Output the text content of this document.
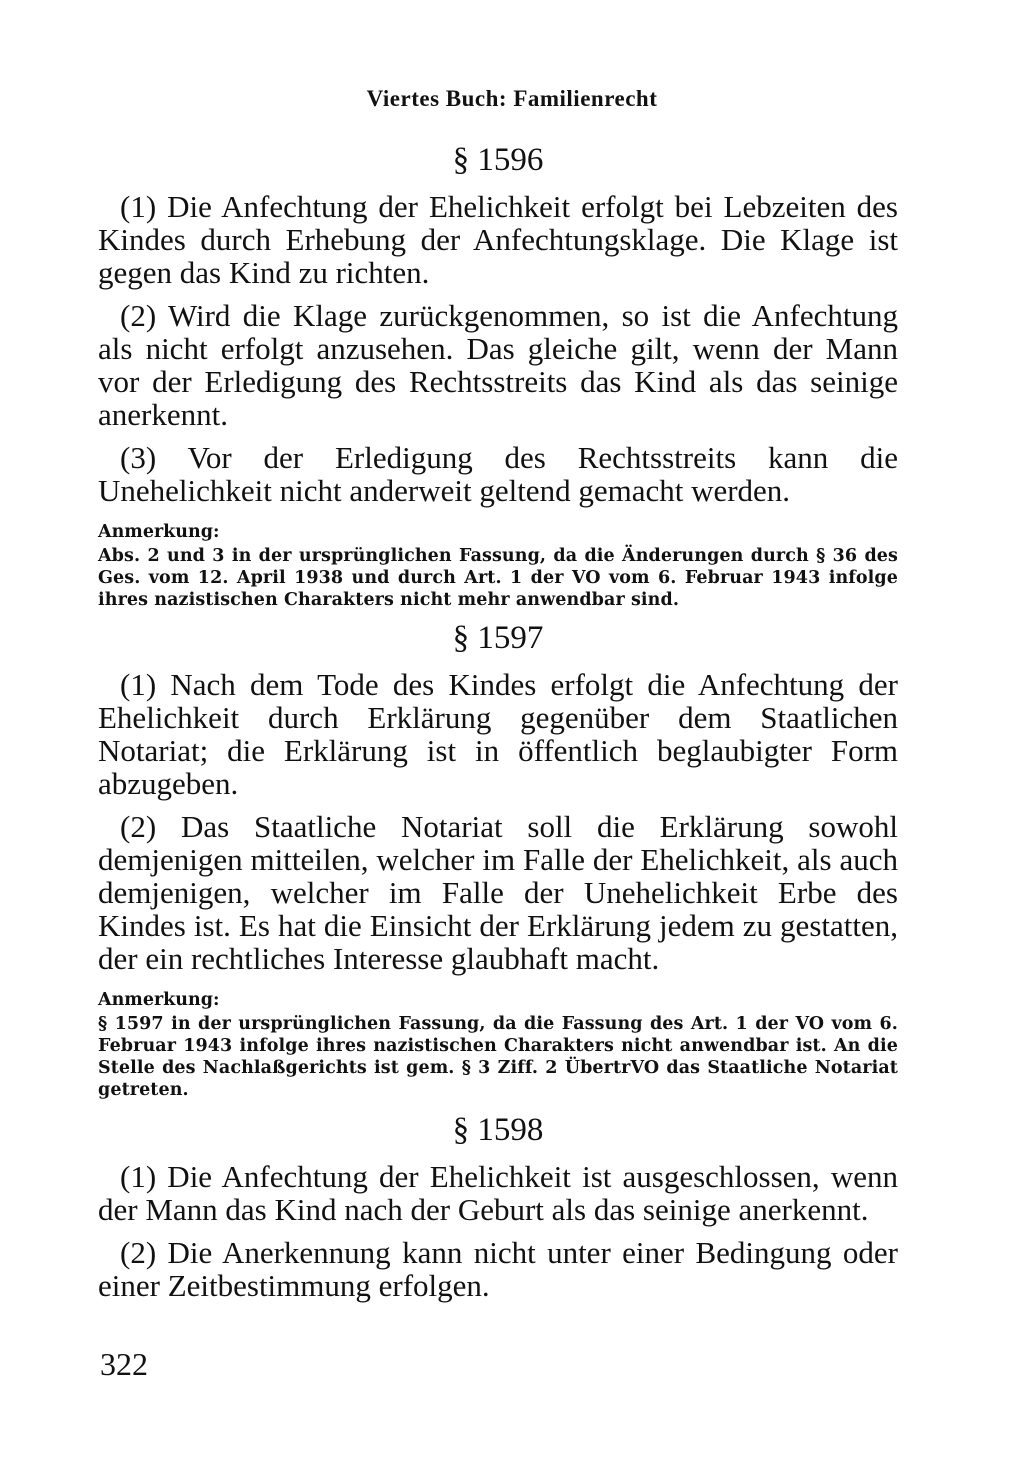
Viertes Buch: Familienrecht
§ 1596

(1) Die Anfechtung der Ehelichkeit erfolgt bei Lebzeiten des Kindes durch Erhebung der Anfechtungsklage. Die Klage ist gegen das Kind zu richten.

(2) Wird die Klage zurückgenommen, so ist die Anfechtung als nicht erfolgt anzusehen. Das gleiche gilt, wenn der Mann vor der Erledigung des Rechtsstreits das Kind als das seinige anerkennt.

(3) Vor der Erledigung des Rechtsstreits kann die Unehelichkeit nicht anderweit geltend gemacht werden.

Anmerkung:
Abs. 2 und 3 in der ursprünglichen Fassung, da die Änderungen durch § 36 des Ges. vom 12. April 1938 und durch Art. 1 der VO vom 6. Februar 1943 infolge ihres nazistischen Charakters nicht mehr anwendbar sind.
§ 1597

(1) Nach dem Tode des Kindes erfolgt die Anfechtung der Ehelichkeit durch Erklärung gegenüber dem Staatlichen Notariat; die Erklärung ist in öffentlich beglaubigter Form abzugeben.

(2) Das Staatliche Notariat soll die Erklärung sowohl demjenigen mitteilen, welcher im Falle der Ehelichkeit, als auch demjenigen, welcher im Falle der Unehelichkeit Erbe des Kindes ist. Es hat die Einsicht der Erklärung jedem zu gestatten, der ein rechtliches Interesse glaubhaft macht.

Anmerkung:
§ 1597 in der ursprünglichen Fassung, da die Fassung des Art. 1 der VO vom 6. Februar 1943 infolge ihres nazistischen Charakters nicht anwendbar ist. An die Stelle des Nachlaßgerichts ist gem. § 3 Ziff. 2 ÜbertrVO das Staatliche Notariat getreten.
§ 1598

(1) Die Anfechtung der Ehelichkeit ist ausgeschlossen, wenn der Mann das Kind nach der Geburt als das seinige anerkennt.

(2) Die Anerkennung kann nicht unter einer Bedingung oder einer Zeitbestimmung erfolgen.

322
